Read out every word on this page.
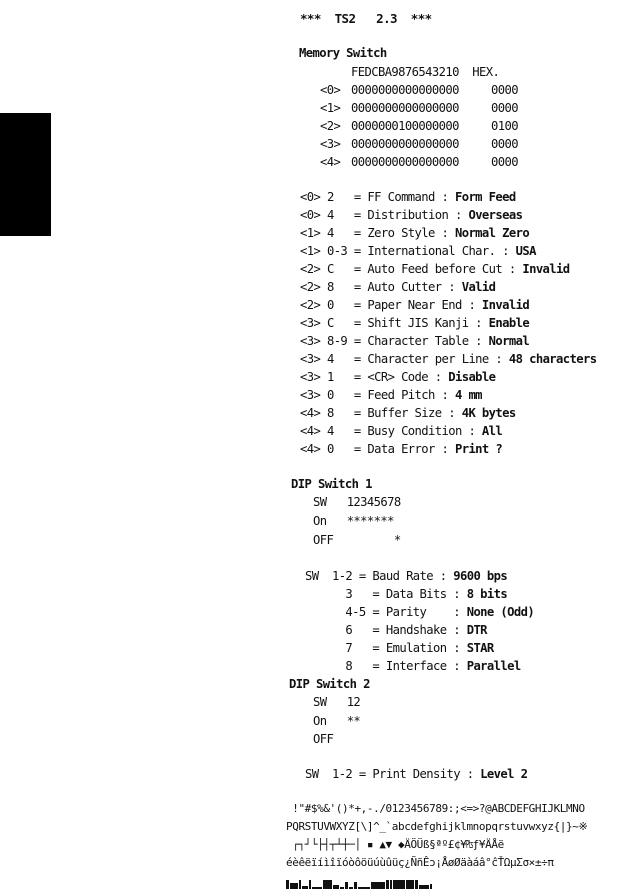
***  TS2   2.3  ***
Memory Switch
FEDCBA9876543210  HEX.
<0> 0000000000000000	0000
<1> 0000000000000000	0000
<2> 0000000100000000	0100
<3> 0000000000000000	0000
<4> 0000000000000000	0000
<0> 2   = FF Command : Form Feed
<0> 4   = Distribution : Overseas
<1> 4   = Zero Style : Normal Zero
<1> 0-3 = International Char. : USA
<2> C   = Auto Feed before Cut : Invalid
<2> 8   = Auto Cutter : Valid
<2> 0   = Paper Near End : Invalid
<3> C   = Shift JIS Kanji : Enable
<3> 8-9 = Character Table : Normal
<3> 4   = Character per Line : 48 characters
<3> 1   = <CR> Code : Disable
<3> 0   = Feed Pitch : 4 mm
<4> 8   = Buffer Size : 4K bytes
<4> 4   = Busy Condition : All
<4> 0   = Data Error : Print ?
DIP Switch 1
SW   12345678
On   *******
OFF         *
SW  1-2 = Baud Rate : 9600 bps
3   = Data Bits : 8 bits
4-5 = Parity    : None (Odd)
6   = Handshake : DTR
7   = Emulation : STAR
8   = Interface : Parallel
DIP Switch 2
SW   12
On   **
OFF
SW  1-2 = Print Density : Level 2
!"#$%&'()*+,-./0123456789:;<=>?@ABCDEFGHIJKLMNO
PQRSTUVWXYZ[\]^_`abcdefghijklmnopqrstuvwxyz{|}~※
┌┐┘└├┤┬┴┼─│ ▪ ▲▼ ◆ÄÖÜß§ªº£¢¥₧ƒ¥ÄÅë
éèêëïíìîïóòôöüúùûüç¿ÑñÊɔ¡ÅøØäàáâ°ĉŤΩµΣσ×±÷π
